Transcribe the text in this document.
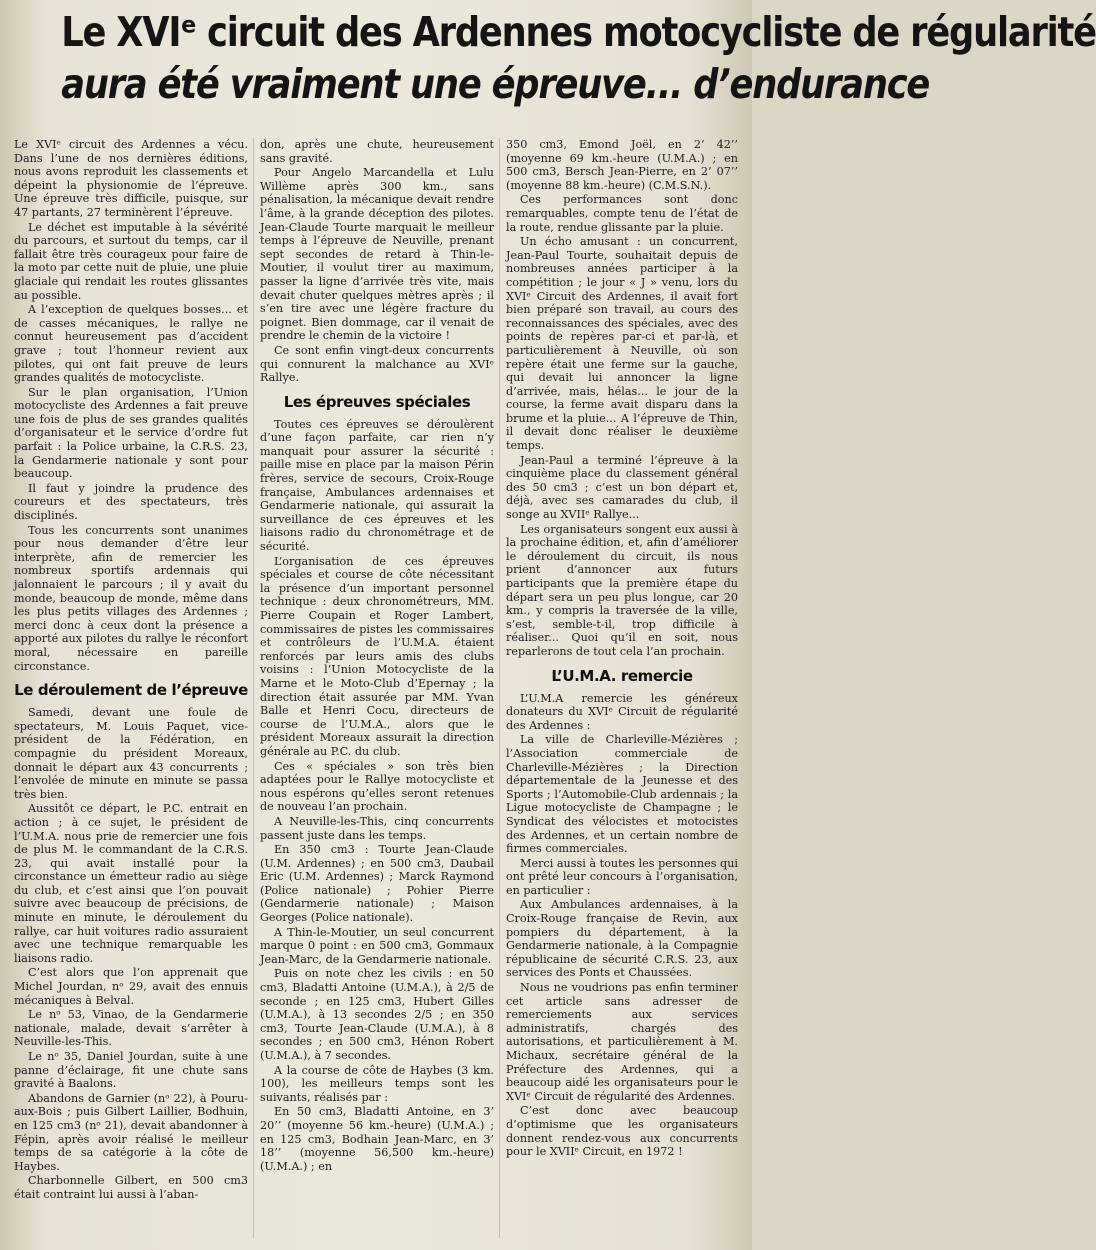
Le XVIᵉ circuit des Ardennes motocycliste de régularité
aura été vraiment une épreuve... d’endurance

Le XVIᵉ circuit des Ardennes a vécu. Dans l’une de nos dernières éditions, nous avons reproduit les classements et dépeint la physionomie de l’épreuve. Une épreuve très difficile, puisque, sur 47 partants, 27 terminèrent l’épreuve.

Le déchet est imputable à la sévérité du parcours, et surtout du temps, car il fallait être très courageux pour faire de la moto par cette nuit de pluie, une pluie glaciale qui rendait les routes glissantes au possible.

A l’exception de quelques bosses... et de casses mécaniques, le rallye ne connut heureusement pas d’accident grave ; tout l’honneur revient aux pilotes, qui ont fait preuve de leurs grandes qualités de motocycliste.

Sur le plan organisation, l’Union motocycliste des Ardennes a fait preuve une fois de plus de ses grandes qualités d’organisateur et le service d’ordre fut parfait : la Police urbaine, la C.R.S. 23, la Gendarmerie nationale y sont pour beaucoup.

Il faut y joindre la prudence des coureurs et des spectateurs, très disciplinés.

Tous les concurrents sont unanimes pour nous demander d’être leur interprète, afin de remercier les nombreux sportifs ardennais qui jalonnaient le parcours ; il y avait du monde, beaucoup de monde, même dans les plus petits villages des Ardennes ; merci donc à ceux dont la présence a apporté aux pilotes du rallye le réconfort moral, nécessaire en pareille circonstance.

Le déroulement de l’épreuve

Samedi, devant une foule de spectateurs, M. Louis Paquet, vice-président de la Fédération, en compagnie du président Moreaux, donnait le départ aux 43 concurrents ; l’envolée de minute en minute se passa très bien.

Aussitôt ce départ, le P.C. entrait en action ; à ce sujet, le président de l’U.M.A. nous prie de remercier une fois de plus M. le commandant de la C.R.S. 23, qui avait installé pour la circonstance un émetteur radio au siège du club, et c’est ainsi que l’on pouvait suivre avec beaucoup de précisions, de minute en minute, le déroulement du rallye, car huit voitures radio assuraient avec une technique remarquable les liaisons radio.

C’est alors que l’on apprenait que Michel Jourdan, nᵒ 29, avait des ennuis mécaniques à Belval.

Le nᵒ 53, Vinao, de la Gendarmerie nationale, malade, devait s’arrêter à Neuville-les-This.

Le nᵒ 35, Daniel Jourdan, suite à une panne d’éclairage, fit une chute sans gravité à Baalons.

Abandons de Garnier (nᵒ 22), à Pouru-aux-Bois ; puis Gilbert Laillier, Bodhuin, en 125 cm3 (nᵒ 21), devait abandonner à Fépin, après avoir réalisé le meilleur temps de sa catégorie à la côte de Haybes.

Charbonnelle Gilbert, en 500 cm3 était contraint lui aussi à l’aban-

don, après une chute, heureusement sans gravité.

Pour Angelo Marcandella et Lulu Willème après 300 km., sans pénalisation, la mécanique devait rendre l’âme, à la grande déception des pilotes. Jean-Claude Tourte marquait le meilleur temps à l’épreuve de Neuville, prenant sept secondes de retard à Thin-le-Moutier, il voulut tirer au maximum, passer la ligne d’arrivée très vite, mais devait chuter quelques mètres après ; il s’en tire avec une légère fracture du poignet. Bien dommage, car il venait de prendre le chemin de la victoire !

Ce sont enfin vingt-deux concurrents qui connurent la malchance au XVIᵉ Rallye.

Les épreuves spéciales

Toutes ces épreuves se déroulèrent d’une façon parfaite, car rien n’y manquait pour assurer la sécurité : paille mise en place par la maison Périn frères, service de secours, Croix-Rouge française, Ambulances ardennaises et Gendarmerie nationale, qui assurait la surveillance de ces épreuves et les liaisons radio du chronométrage et de sécurité.

L’organisation de ces épreuves spéciales et course de côte nécessitant la présence d’un important personnel technique : deux chronométreurs, MM. Pierre Coupain et Roger Lambert, commissaires de pistes les commissaires et contrôleurs de l’U.M.A. étaient renforcés par leurs amis des clubs voisins : l’Union Motocycliste de la Marne et le Moto-Club d’Epernay ; la direction était assurée par MM. Yvan Balle et Henri Cocu, directeurs de course de l’U.M.A., alors que le président Moreaux assurait la direction générale au P.C. du club.

Ces « spéciales » son très bien adaptées pour le Rallye motocycliste et nous espérons qu’elles seront retenues de nouveau l’an prochain.

A Neuville-les-This, cinq concurrents passent juste dans les temps.

En 350 cm3 : Tourte Jean-Claude (U.M. Ardennes) ; en 500 cm3, Daubail Eric (U.M. Ardennes) ; Marck Raymond (Police nationale) ; Pohier Pierre (Gendarmerie nationale) ; Maison Georges (Police nationale).

A Thin-le-Moutier, un seul concurrent marque 0 point : en 500 cm3, Gommaux Jean-Marc, de la Gendarmerie nationale.

Puis on note chez les civils : en 50 cm3, Bladatti Antoine (U.M.A.), à 2/5 de seconde ; en 125 cm3, Hubert Gilles (U.M.A.), à 13 secondes 2/5 ; en 350 cm3, Tourte Jean-Claude (U.M.A.), à 8 secondes ; en 500 cm3, Hénon Robert (U.M.A.), à 7 secondes.

A la course de côte de Haybes (3 km. 100), les meilleurs temps sont les suivants, réalisés par :

En 50 cm3, Bladatti Antoine, en 3’ 20’’ (moyenne 56 km.-heure) (U.M.A.) ; en 125 cm3, Bodhain Jean-Marc, en 3’ 18’’ (moyenne 56,500 km.-heure) (U.M.A.) ; en

350 cm3, Emond Joël, en 2’ 42’’ (moyenne 69 km.-heure (U.M.A.) ; en 500 cm3, Bersch Jean-Pierre, en 2’ 07’’ (moyenne 88 km.-heure) (C.M.S.N.).

Ces performances sont donc remarquables, compte tenu de l’état de la route, rendue glissante par la pluie.

Un écho amusant : un concurrent, Jean-Paul Tourte, souhaitait depuis de nombreuses années participer à la compétition ; le jour « J » venu, lors du XVIᵉ Circuit des Ardennes, il avait fort bien préparé son travail, au cours des reconnaissances des spéciales, avec des points de repères par-ci et par-là, et particulièrement à Neuville, où son repère était une ferme sur la gauche, qui devait lui annoncer la ligne d’arrivée, mais, hélas... le jour de la course, la ferme avait disparu dans la brume et la pluie... A l’épreuve de Thin, il devait donc réaliser le deuxième temps.

Jean-Paul a terminé l’épreuve à la cinquième place du classement général des 50 cm3 ; c’est un bon départ et, déjà, avec ses camarades du club, il songe au XVIIᵉ Rallye...

Les organisateurs songent eux aussi à la prochaine édition, et, afin d’améliorer le déroulement du circuit, ils nous prient d’annoncer aux futurs participants que la première étape du départ sera un peu plus longue, car 20 km., y compris la traversée de la ville, s’est, semble-t-il, trop difficile à réaliser... Quoi qu’il en soit, nous reparlerons de tout cela l’an prochain.

L’U.M.A. remercie

L’U.M.A remercie les généreux donateurs du XVIᵉ Circuit de régularité des Ardennes :

La ville de Charleville-Mézières ; l’Association commerciale de Charleville-Mézières ; la Direction départementale de la Jeunesse et des Sports ; l’Automobile-Club ardennais ; la Ligue motocycliste de Champagne ; le Syndicat des vélocistes et motocistes des Ardennes, et un certain nombre de firmes commerciales.

Merci aussi à toutes les personnes qui ont prêté leur concours à l’organisation, en particulier :

Aux Ambulances ardennaises, à la Croix-Rouge française de Revin, aux pompiers du département, à la Gendarmerie nationale, à la Compagnie républicaine de sécurité C.R.S. 23, aux services des Ponts et Chaussées.

Nous ne voudrions pas enfin terminer cet article sans adresser de remerciements aux services administratifs, chargés des autorisations, et particulièrement à M. Michaux, secrétaire général de la Préfecture des Ardennes, qui a beaucoup aidé les organisateurs pour le XVIᵉ Circuit de régularité des Ardennes.

C’est donc avec beaucoup d’optimisme que les organisateurs donnent rendez-vous aux concurrents pour le XVIIᵉ Circuit, en 1972 !
